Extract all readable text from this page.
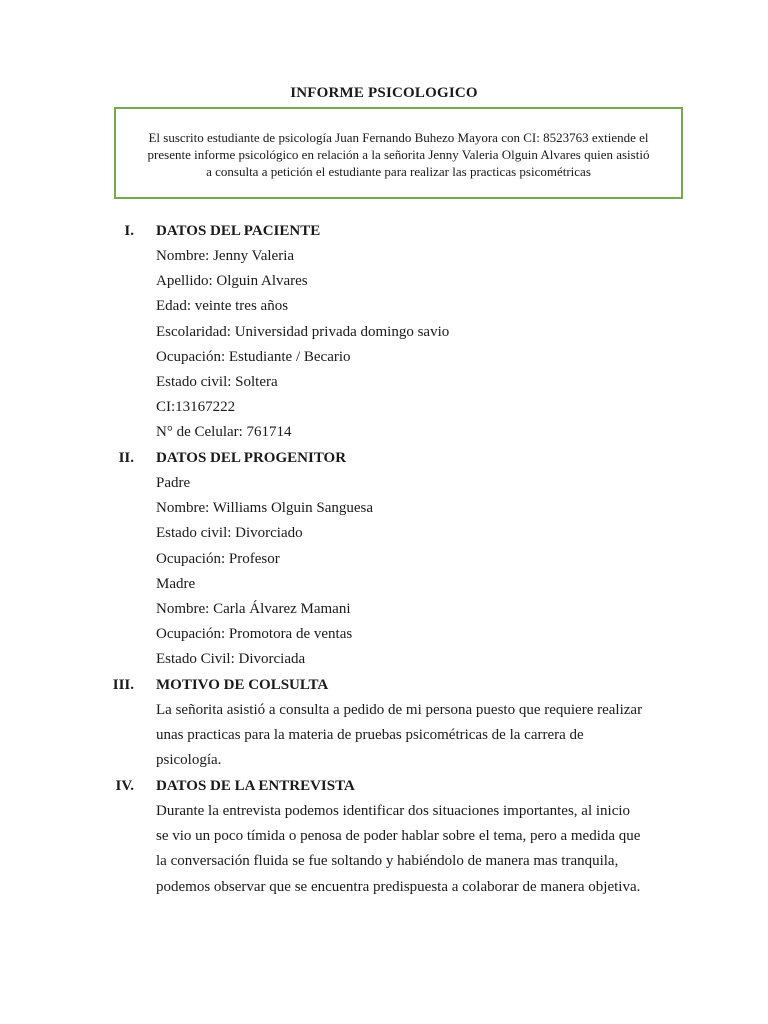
INFORME PSICOLOGICO
El suscrito estudiante de psicología Juan Fernando Buhezo Mayora con CI: 8523763 extiende el
presente informe psicológico en relación a la señorita Jenny Valeria Olguin Alvares quien asistió
a consulta a petición el estudiante para realizar las practicas psicométricas
I. DATOS DEL PACIENTE
Nombre: Jenny Valeria
Apellido: Olguin Alvares
Edad: veinte tres años
Escolaridad: Universidad privada domingo savio
Ocupación: Estudiante / Becario
Estado civil: Soltera
CI:13167222
N° de Celular: 761714
II. DATOS DEL PROGENITOR
Padre
Nombre: Williams Olguin Sanguesa
Estado civil: Divorciado
Ocupación: Profesor
Madre
Nombre: Carla Álvarez Mamani
Ocupación: Promotora de ventas
Estado Civil: Divorciada
III. MOTIVO DE COLSULTA
La señorita asistió a consulta a pedido de mi persona puesto que requiere realizar
unas practicas para la materia de pruebas psicométricas de la carrera de
psicología.
IV. DATOS DE LA ENTREVISTA
Durante la entrevista podemos identificar dos situaciones importantes, al inicio
se vio un poco tímida o penosa de poder hablar sobre el tema, pero a medida que
la conversación fluida se fue soltando y habiéndolo de manera mas tranquila,
podemos observar que se encuentra predispuesta a colaborar de manera objetiva.
